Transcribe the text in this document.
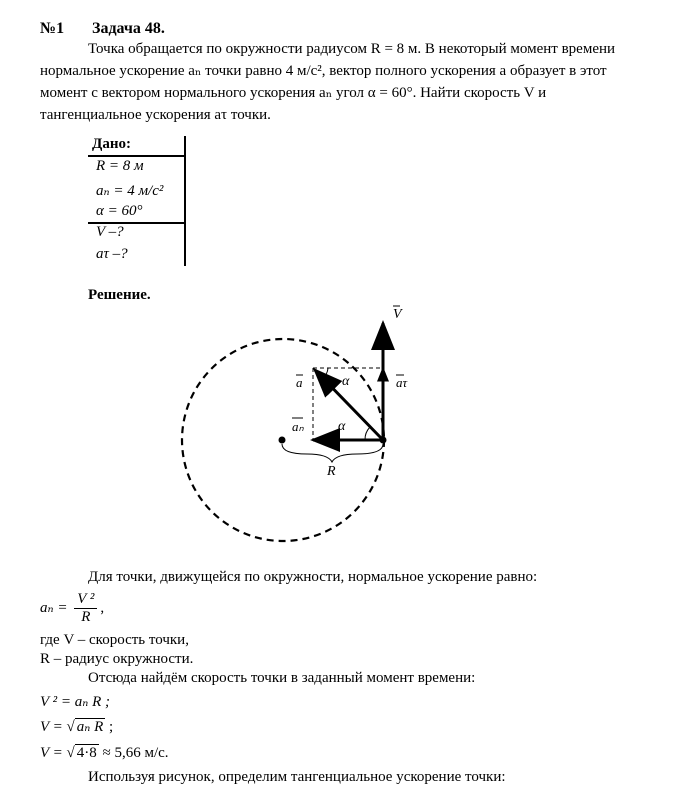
№1 Задача 48.
Точка обращается по окружности радиусом R = 8 м. В некоторый момент времени
нормальное ускорение aₙ точки равно 4 м/с², вектор полного ускорения a образует в этот
момент с вектором нормального ускорения aₙ угол α = 60°. Найти скорость V и
тангенциальное ускорения aτ точки.
Дано:
R = 8 м
aₙ = 4 м/с²
α = 60°
V –?
aτ –?
Решение.
V
a	aτ
aₙ
α
α
R
Для точки, движущейся по окружности, нормальное ускорение равно:
$a_n = \frac{\text{V ²}}{R}$ ,
где V – скорость точки,
R – радиус окружности.
Отсюда найдём скорость точки в заданный момент времени:
V ² = aₙ R ;
V = √ aₙ R ;
V = √ 4·8 ≈ 5,66 м/с.
Используя рисунок, определим тангенциальное ускорение точки:
